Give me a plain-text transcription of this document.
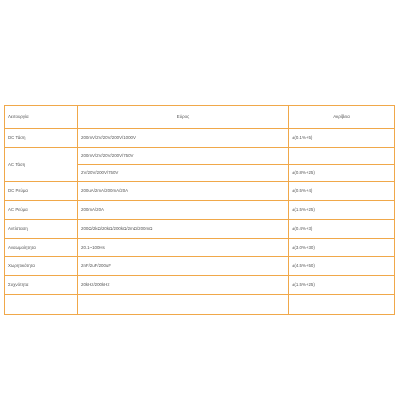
Λειτουργία	Εύρος	Ακρίβεια
DC Τάση	200mV/2V/20V/200V/1000V	±(0.1%+5)
AC Τάση	200mV/2V/20V/200V/750V	
	2V/20V/200V/750V	±(0.8%+25)
DC Ρεύμα	200uA/2mA/200mA/20A	±(0.5%+4)
AC Ρεύμα	200mA/20A	±(1.5%+25)
Αντίσταση	200Ω/2kΩ/20kΩ/200kΩ/2mΩ/200mΩ	±(0.4%+3)
Αναωμοίητητα	20.1~100Hs	±(3.0%+30)
Χωρητικότητα	2nF/2uF/200uF	±(4.5%+50)
Συχνότητα	20kHz/200kHz	±(1.5%+25)
